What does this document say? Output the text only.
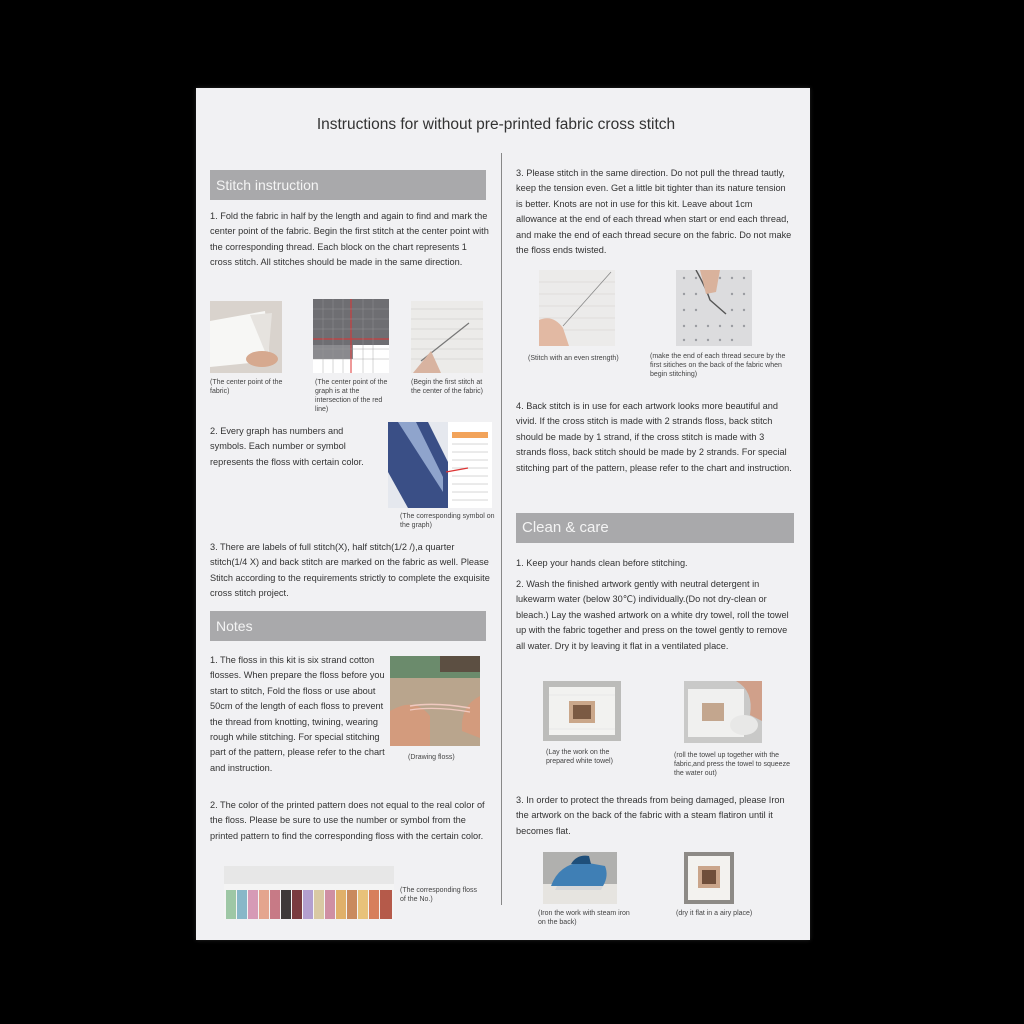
Instructions for without pre-printed fabric cross stitch
Stitch instruction

1. Fold the fabric in half by the length and again to find and mark the center point of the fabric. Begin the first stitch at the center point with the corresponding thread. Each block on the chart represents 1 cross stitch. All stitches should be made in the same direction.

(The center point of the fabric)

(The center point of the graph is at the intersection of the red line)

(Begin the first stitch at the center of the fabric)

2. Every graph has numbers and symbols. Each number or symbol represents the floss with certain color.

(The corresponding symbol on the graph)

3. There are labels of full stitch(X), half stitch(1/2 /),a quarter stitch(1/4 X) and back stitch are marked on the fabric as well. Please Stitch according to the requirements strictly to complete the exquisite cross stitch project.

Notes

1. The floss in this kit is six strand cotton flosses. When prepare the floss before you start to stitch, Fold the floss or use about 50cm of the length of each floss to prevent the thread from knotting, twining, wearing rough while stitching. For special stitching part of the pattern, please refer to the chart and instruction.

(Drawing floss)

2. The color of the printed pattern does not equal to the real color of the floss. Please be sure to use the number or symbol from the printed pattern to find the corresponding floss with the certain color.

(The corresponding floss of the No.)

3. Please stitch in the same direction. Do not pull the thread tautly, keep the tension even. Get a little bit tighter than its nature tension is better. Knots are not in use for this kit. Leave about 1cm allowance at the end of each thread when start or end each thread, and make the end of each thread secure on the fabric. Do not make the floss ends twisted.

(Stitch with an even strength)	(make the end of each thread secure by the first sitiches on the back of the fabric when begin stitching)

4. Back stitch is in use for each artwork looks more beautiful and vivid. If the cross stitch is made with 2 strands floss, back stitch should be made by 1 strand, if the cross stitch is made with 3 strands floss, back stitch should be made by 2 strands. For special stitching part of the pattern, please refer to the chart and instruction.

Clean & care

1. Keep your hands clean before stitching.

2. Wash the finished artwork gently with neutral detergent in lukewarm water (below 30℃) individually.(Do not dry-clean or bleach.) Lay the washed artwork on a white dry towel, roll the towel up with the fabric together and press on the towel gently to remove all water. Dry it by leaving it flat in a ventilated place.

(Lay the work on the prepared white towel)

(roll the towel up together with the fabric,and press the towel to squeeze the water out)

3. In order to protect the threads from being damaged, please Iron the artwork on the back of the fabric with a steam flatiron until it becomes flat.

(Iron the work with steam iron on the back)

(dry it flat in a airy place)
